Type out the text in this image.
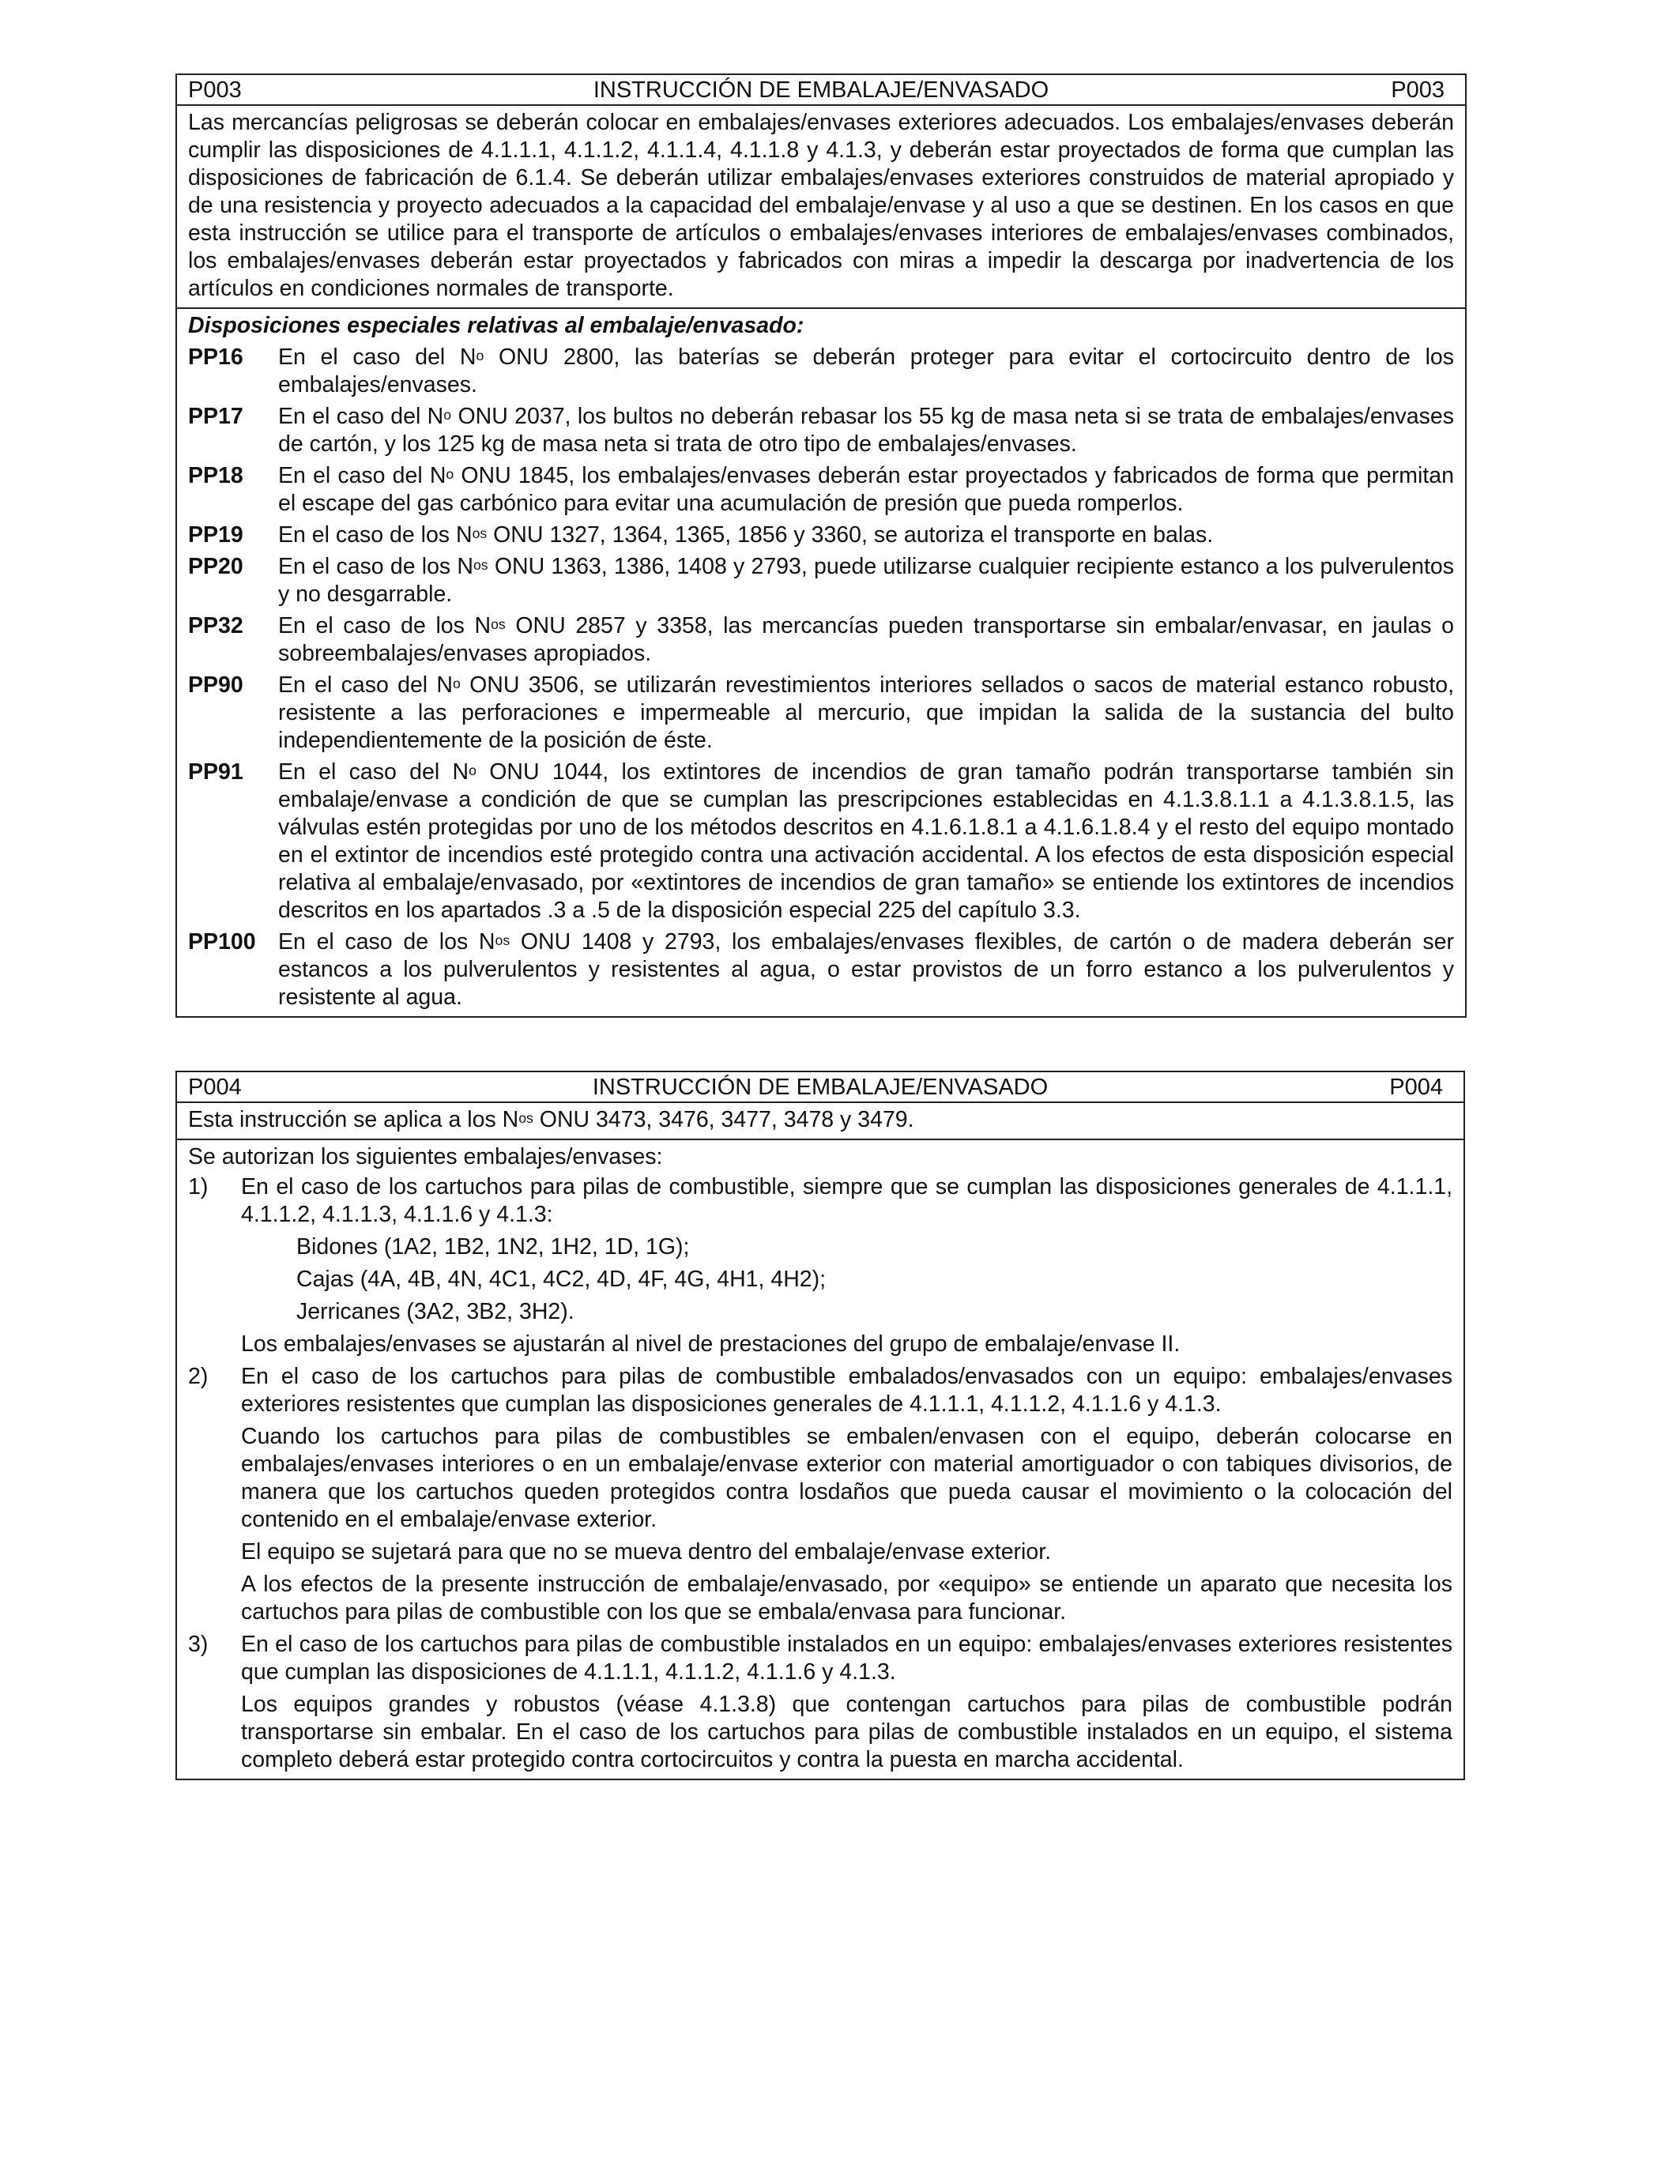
P003	INSTRUCCIÓN DE EMBALAJE/ENVASADO	P003

Las mercancías peligrosas se deberán colocar en embalajes/envases exteriores adecuados. Los embalajes/envases deberán cumplir las disposiciones de 4.1.1.1, 4.1.1.2, 4.1.1.4, 4.1.1.8 y 4.1.3, y deberán estar proyectados de forma que cumplan las disposiciones de fabricación de 6.1.4. Se deberán utilizar embalajes/envases exteriores construidos de material apropiado y de una resistencia y proyecto adecuados a la capacidad del embalaje/envase y al uso a que se destinen. En los casos en que esta instrucción se utilice para el transporte de artículos o embalajes/envases interiores de embalajes/envases combinados, los embalajes/envases deberán estar proyectados y fabricados con miras a impedir la descarga por inadvertencia de los artículos en condiciones normales de transporte.

Disposiciones especiales relativas al embalaje/envasado:

PP16	En el caso del $N^o$ ONU 2800, las baterías se deberán proteger para evitar el cortocircuito dentro de los embalajes/envases.
PP17	En el caso del $N^o$ ONU 2037, los bultos no deberán rebasar los 55 kg de masa neta si se trata de embalajes/envases de cartón, y los 125 kg de masa neta si trata de otro tipo de embalajes/envases.
PP18	En el caso del $N^o$ ONU 1845, los embalajes/envases deberán estar proyectados y fabricados de forma que permitan el escape del gas carbónico para evitar una acumulación de presión que pueda romperlos.
PP19	En el caso de los $N^{os}$ ONU 1327, 1364, 1365, 1856 y 3360, se autoriza el transporte en balas.
PP20	En el caso de los $N^{os}$ ONU 1363, 1386, 1408 y 2793, puede utilizarse cualquier recipiente estanco a los pulverulentos y no desgarrable.
PP32	En el caso de los $N^{os}$ ONU 2857 y 3358, las mercancías pueden transportarse sin embalar/envasar, en jaulas o sobreembalajes/envases apropiados.
PP90	En el caso del $N^o$ ONU 3506, se utilizarán revestimientos interiores sellados o sacos de material estanco robusto, resistente a las perforaciones e impermeable al mercurio, que impidan la salida de la sustancia del bulto independientemente de la posición de éste.
PP91	En el caso del $N^o$ ONU 1044, los extintores de incendios de gran tamaño podrán transportarse también sin embalaje/envase a condición de que se cumplan las prescripciones establecidas en 4.1.3.8.1.1 a 4.1.3.8.1.5, las válvulas estén protegidas por uno de los métodos descritos en 4.1.6.1.8.1 a 4.1.6.1.8.4 y el resto del equipo montado en el extintor de incendios esté protegido contra una activación accidental. A los efectos de esta disposición especial relativa al embalaje/envasado, por «extintores de incendios de gran tamaño» se entiende los extintores de incendios descritos en los apartados .3 a .5 de la disposición especial 225 del capítulo 3.3.
PP100 En el caso de los $N^{os}$ ONU 1408 y 2793, los embalajes/envases flexibles, de cartón o de madera deberán ser estancos a los pulverulentos y resistentes al agua, o estar provistos de un forro estanco a los pulverulentos y resistente al agua.
P004	INSTRUCCIÓN DE EMBALAJE/ENVASADO	P004

Esta instrucción se aplica a los $N^{os}$ ONU 3473, 3476, 3477, 3478 y 3479.

Se autorizan los siguientes embalajes/envases:

1)	En el caso de los cartuchos para pilas de combustible, siempre que se cumplan las disposiciones generales de 4.1.1.1, 4.1.1.2, 4.1.1.3, 4.1.1.6 y 4.1.3:
Bidones (1A2, 1B2, 1N2, 1H2, 1D, 1G);
Cajas (4A, 4B, 4N, 4C1, 4C2, 4D, 4F, 4G, 4H1, 4H2);
Jerricanes (3A2, 3B2, 3H2).
Los embalajes/envases se ajustarán al nivel de prestaciones del grupo de embalaje/envase II.
2)	En el caso de los cartuchos para pilas de combustible embalados/envasados con un equipo: embalajes/envases exteriores resistentes que cumplan las disposiciones generales de 4.1.1.1, 4.1.1.2, 4.1.1.6 y 4.1.3.
Cuando los cartuchos para pilas de combustibles se embalen/envasen con el equipo, deberán colocarse en embalajes/envases interiores o en un embalaje/envase exterior con material amortiguador o con tabiques divisorios, de manera que los cartuchos queden protegidos contra losdaños que pueda causar el movimiento o la colocación del contenido en el embalaje/envase exterior.
El equipo se sujetará para que no se mueva dentro del embalaje/envase exterior.
A los efectos de la presente instrucción de embalaje/envasado, por «equipo» se entiende un aparato que necesita los cartuchos para pilas de combustible con los que se embala/envasa para funcionar.
3)	En el caso de los cartuchos para pilas de combustible instalados en un equipo: embalajes/envases exteriores resistentes que cumplan las disposiciones de 4.1.1.1, 4.1.1.2, 4.1.1.6 y 4.1.3.
Los equipos grandes y robustos (véase 4.1.3.8) que contengan cartuchos para pilas de combustible podrán transportarse sin embalar. En el caso de los cartuchos para pilas de combustible instalados en un equipo, el sistema completo deberá estar protegido contra cortocircuitos y contra la puesta en marcha accidental.
